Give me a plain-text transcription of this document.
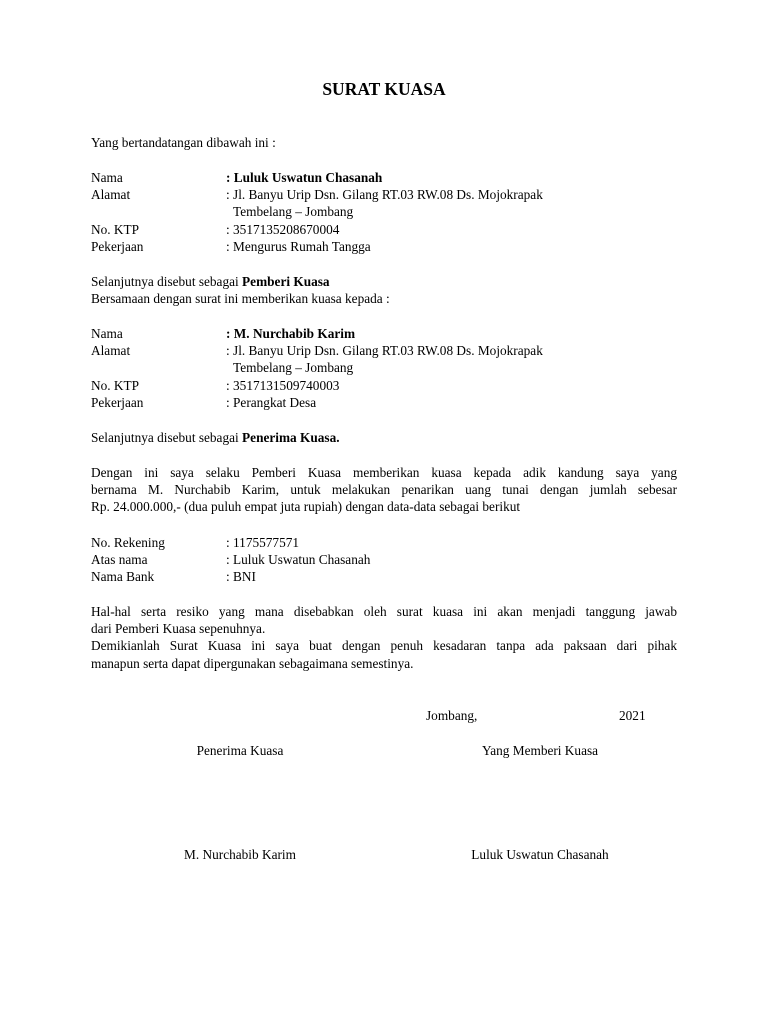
SURAT KUASA
Yang bertandatangan dibawah ini :
Nama	: Luluk Uswatun Chasanah
Alamat	: Jl. Banyu Urip Dsn. Gilang RT.03 RW.08 Ds. Mojokrapak
Tembelang – Jombang
No. KTP	: 3517135208670004
Pekerjaan	: Mengurus Rumah Tangga
Selanjutnya disebut sebagai Pemberi Kuasa
Bersamaan dengan surat ini memberikan kuasa kepada :
Nama	: M. Nurchabib Karim
Alamat	: Jl. Banyu Urip Dsn. Gilang RT.03 RW.08 Ds. Mojokrapak
Tembelang – Jombang
No. KTP	: 3517131509740003
Pekerjaan	: Perangkat Desa
Selanjutnya disebut sebagai Penerima Kuasa.
Dengan ini saya selaku Pemberi Kuasa memberikan kuasa kepada adik kandung saya yang
bernama M. Nurchabib Karim, untuk melakukan penarikan uang tunai dengan jumlah sebesar
Rp. 24.000.000,- (dua puluh empat juta rupiah) dengan data-data sebagai berikut
No. Rekening	: 1175577571
Atas nama	: Luluk Uswatun Chasanah
Nama Bank	: BNI
Hal-hal serta resiko yang mana disebabkan oleh surat kuasa ini akan menjadi tanggung jawab
dari Pemberi Kuasa sepenuhnya.
Demikianlah Surat Kuasa ini saya buat dengan penuh kesadaran tanpa ada paksaan dari pihak
manapun serta dapat dipergunakan sebagaimana semestinya.
Jombang,	2021
Penerima Kuasa	Yang Memberi Kuasa
M. Nurchabib Karim	Luluk Uswatun Chasanah
